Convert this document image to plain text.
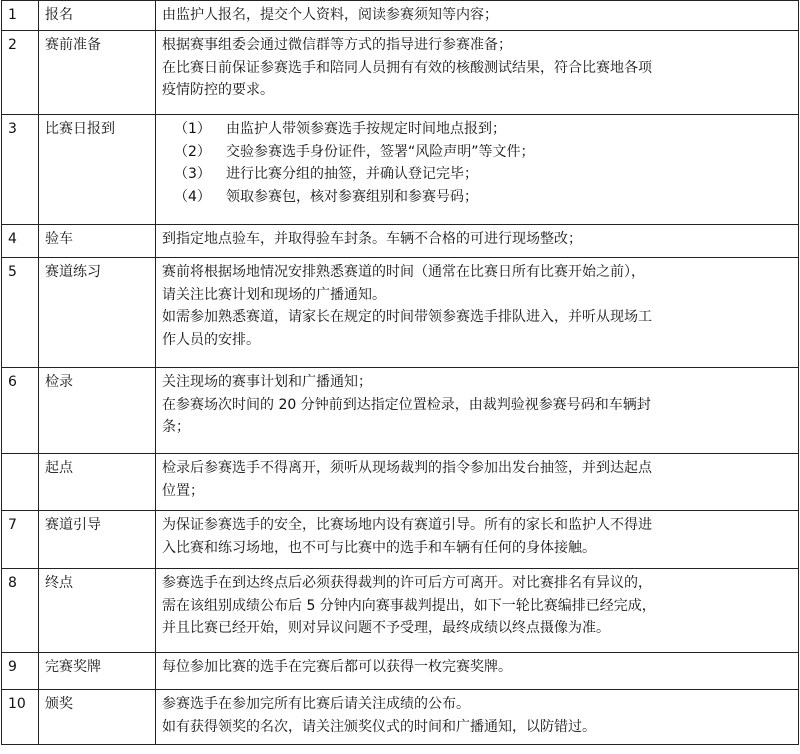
1	报名	由监护人报名，提交个人资料，阅读参赛须知等内容；

2	赛前准备	根据赛事组委会通过微信群等方式的指导进行参赛准备；
在比赛日前保证参赛选手和陪同人员拥有有效的核酸测试结果，符合比赛地各项
疫情防控的要求。

3	比赛日报到	（1） 由监护人带领参赛选手按规定时间地点报到；
（2） 交验参赛选手身份证件，签署“风险声明”等文件；
（3） 进行比赛分组的抽签，并确认登记完毕；
（4） 领取参赛包，核对参赛组别和参赛号码；

4	验车	到指定地点验车，并取得验车封条。车辆不合格的可进行现场整改；

5	赛道练习	赛前将根据场地情况安排熟悉赛道的时间（通常在比赛日所有比赛开始之前），
请关注比赛计划和现场的广播通知。
如需参加熟悉赛道，请家长在规定的时间带领参赛选手排队进入，并听从现场工
作人员的安排。

6	检录	关注现场的赛事计划和广播通知；
在参赛场次时间的 20 分钟前到达指定位置检录，由裁判验视参赛号码和车辆封
条；

	起点	检录后参赛选手不得离开，须听从现场裁判的指令参加出发台抽签，并到达起点
位置；

7	赛道引导	为保证参赛选手的安全，比赛场地内设有赛道引导。所有的家长和监护人不得进
入比赛和练习场地，也不可与比赛中的选手和车辆有任何的身体接触。

8	终点	参赛选手在到达终点后必须获得裁判的许可后方可离开。对比赛排名有异议的，
需在该组别成绩公布后 5 分钟内向赛事裁判提出，如下一轮比赛编排已经完成，
并且比赛已经开始，则对异议问题不予受理，最终成绩以终点摄像为准。

9	完赛奖牌	每位参加比赛的选手在完赛后都可以获得一枚完赛奖牌。

10	颁奖	参赛选手在参加完所有比赛后请关注成绩的公布。
如有获得领奖的名次，请关注颁奖仪式的时间和广播通知，以防错过。
